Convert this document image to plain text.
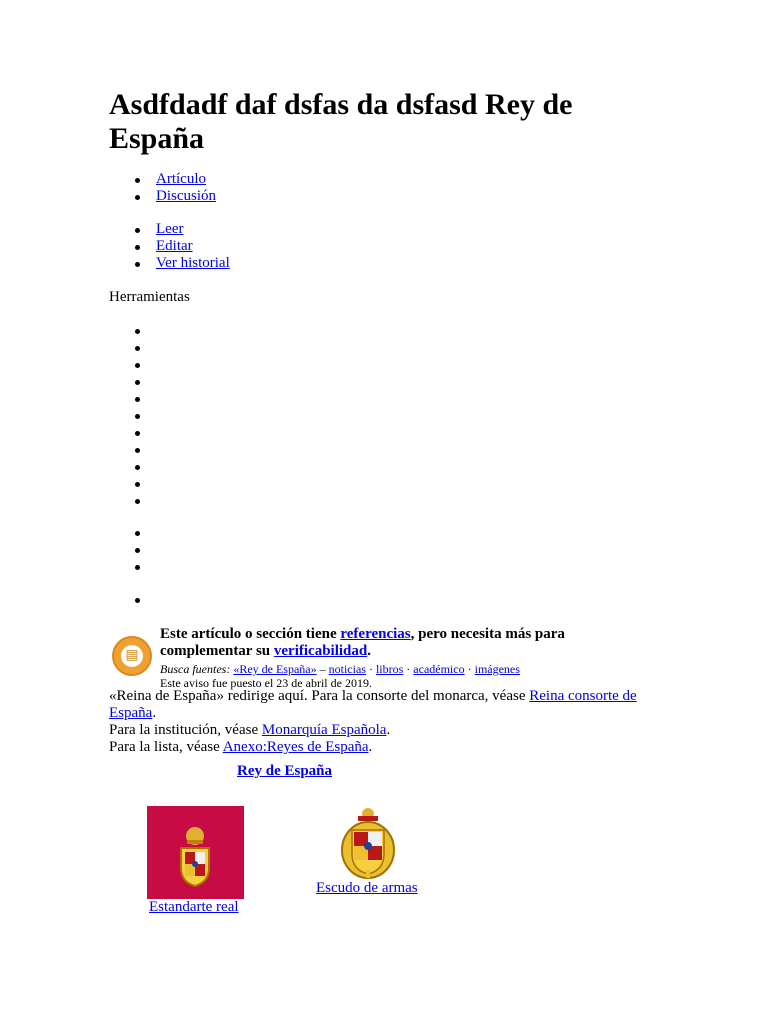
Asdfdadf daf dsfas da dsfasd Rey de España
Artículo
Discusión
Leer
Editar
Ver historial
Herramientas
▤
Este artículo o sección tiene referencias, pero necesita más para complementar su verificabilidad.
Busca fuentes: «Rey de España» – noticias · libros · académico · imágenes
Este aviso fue puesto el 23 de abril de 2019.
«Reina de España» redirige aquí. Para la consorte del monarca, véase Reina consorte de España.
Para la institución, véase Monarquía Española.
Para la lista, véase Anexo:Reyes de España.
Rey de España
Estandarte real
Escudo de armas
